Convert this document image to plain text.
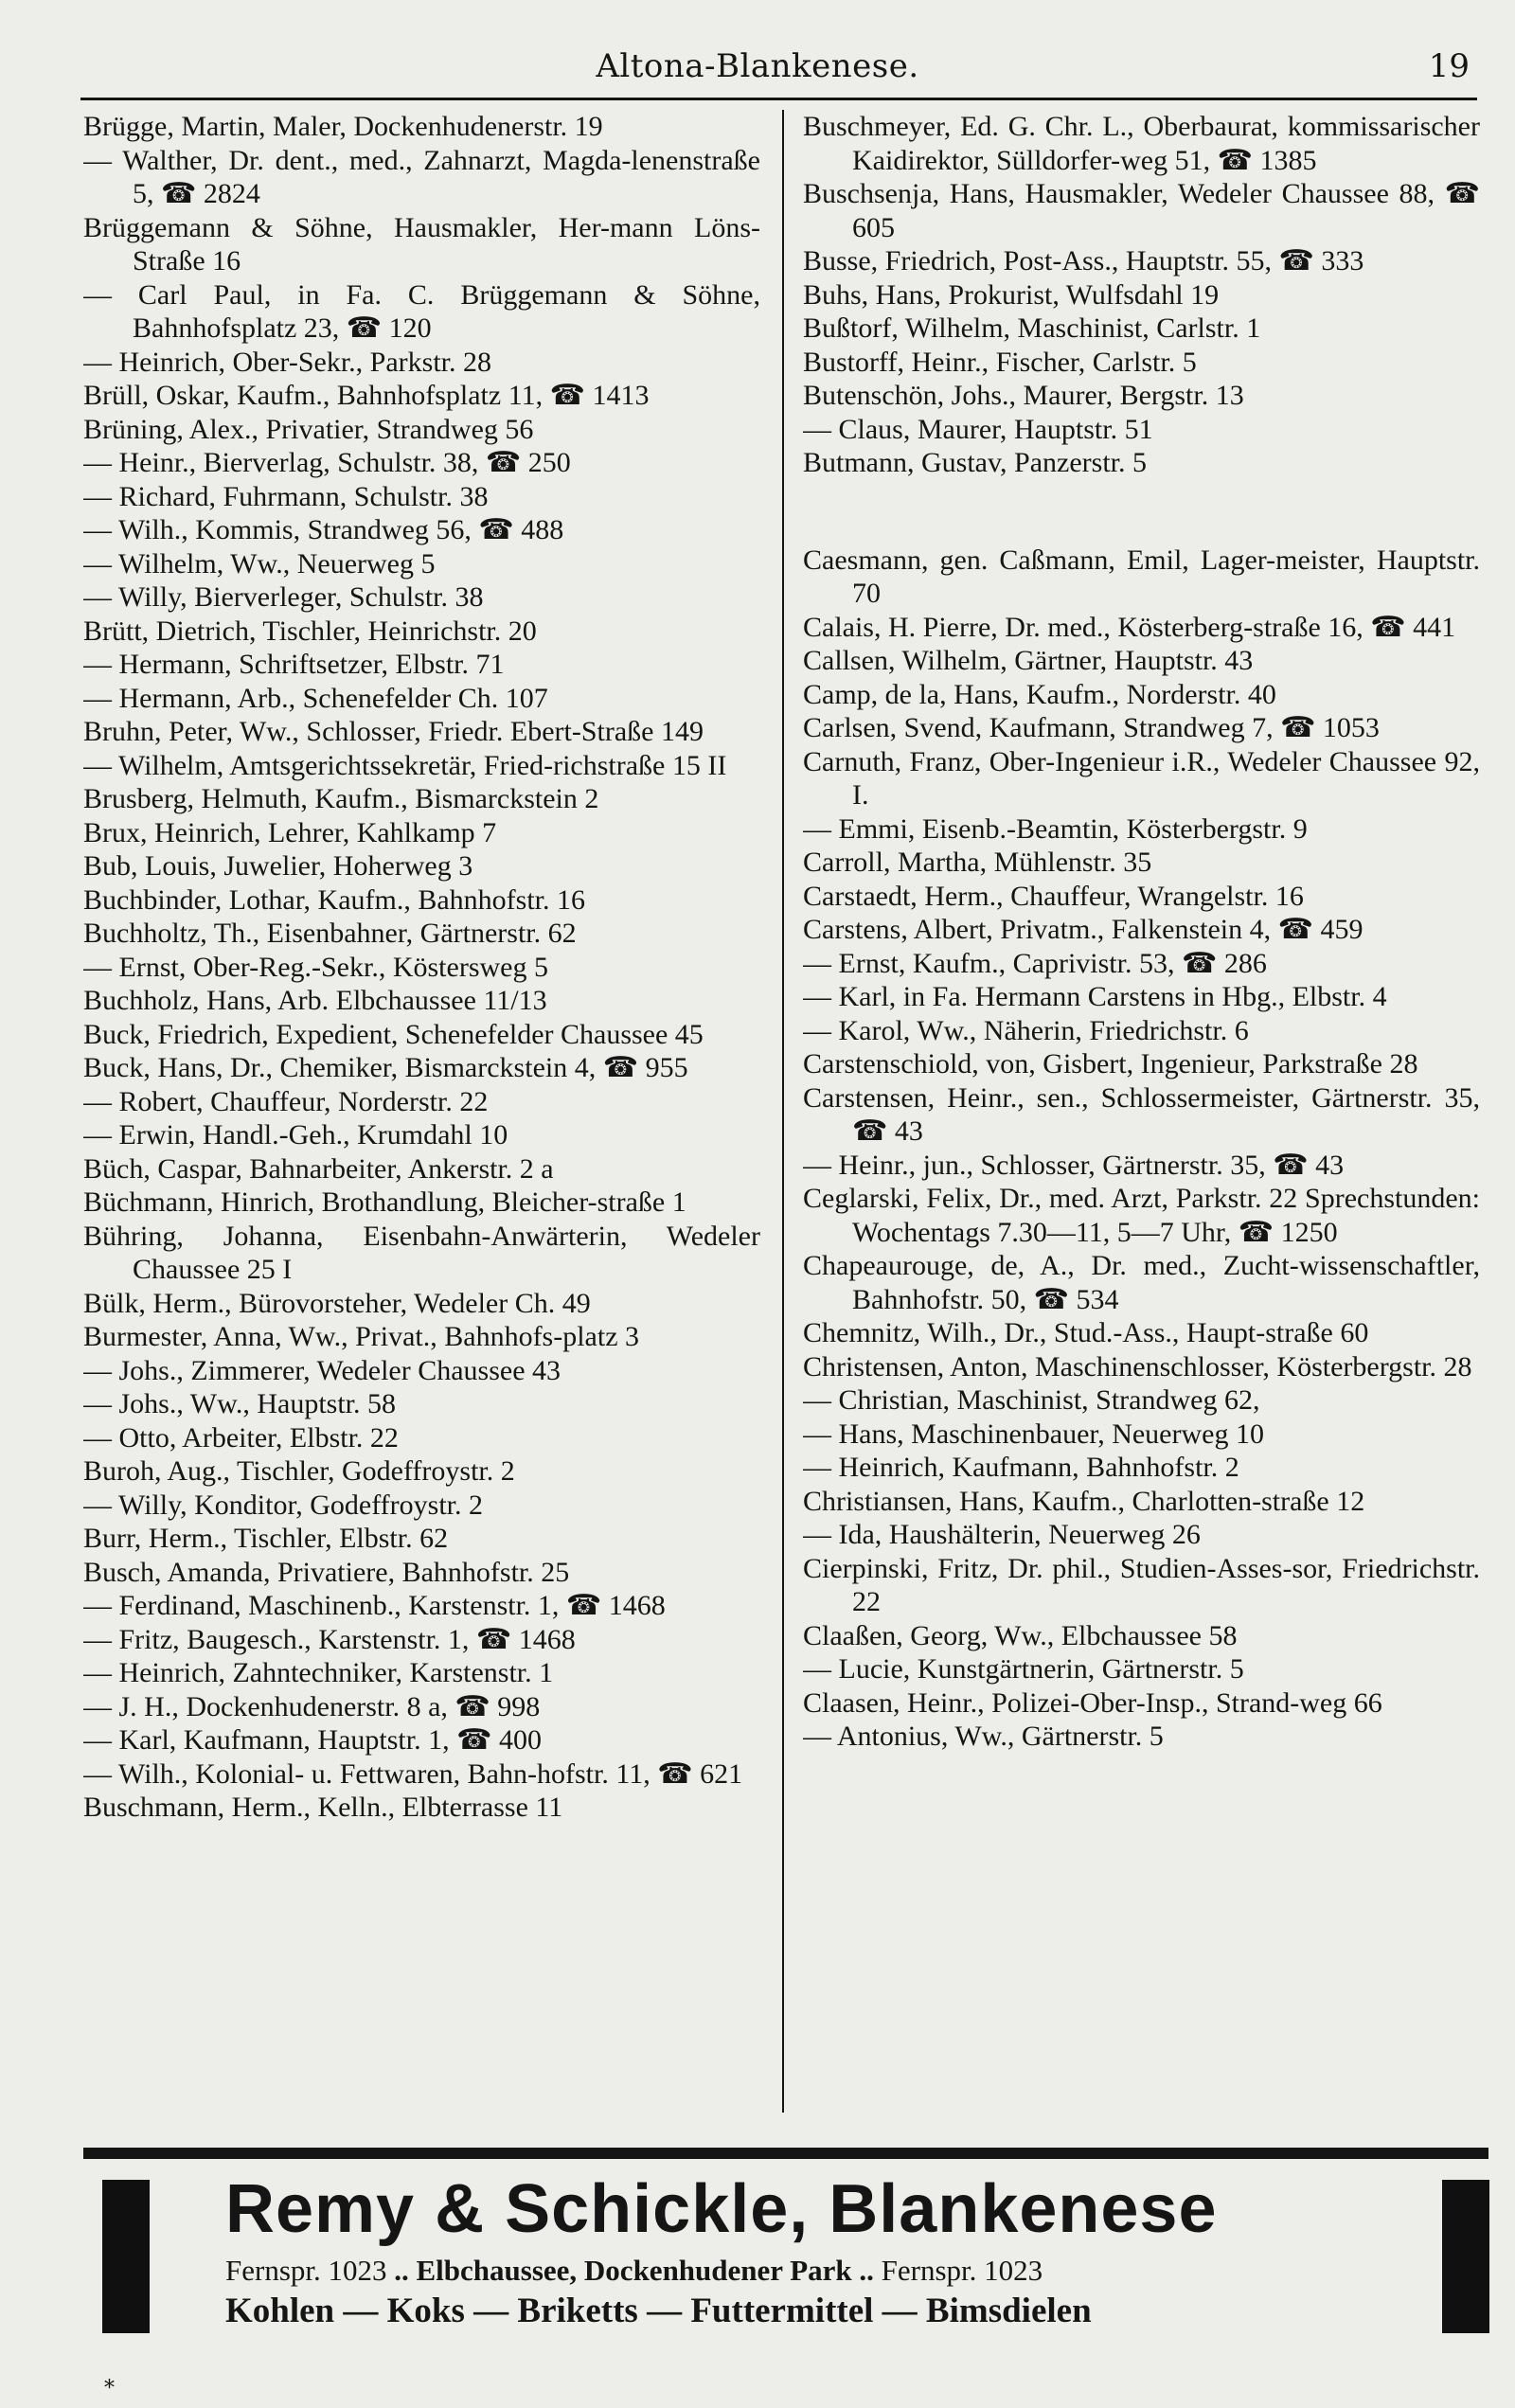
Altona-Blankenese.	19

Brügge, Martin, Maler, Dockenhudenerstr. 19

— Walther, Dr. dent., med., Zahnarzt, Magda-lenenstraße 5, ☎ 2824

Brüggemann & Söhne, Hausmakler, Her-mann Löns-Straße 16

— Carl Paul, in Fa. C. Brüggemann & Söhne, Bahnhofsplatz 23, ☎ 120

— Heinrich, Ober-Sekr., Parkstr. 28

Brüll, Oskar, Kaufm., Bahnhofsplatz 11, ☎ 1413

Brüning, Alex., Privatier, Strandweg 56

— Heinr., Bierverlag, Schulstr. 38, ☎ 250

— Richard, Fuhrmann, Schulstr. 38

— Wilh., Kommis, Strandweg 56, ☎ 488

— Wilhelm, Ww., Neuerweg 5

— Willy, Bierverleger, Schulstr. 38

Brütt, Dietrich, Tischler, Heinrichstr. 20

— Hermann, Schriftsetzer, Elbstr. 71

— Hermann, Arb., Schenefelder Ch. 107

Bruhn, Peter, Ww., Schlosser, Friedr. Ebert-Straße 149

— Wilhelm, Amtsgerichtssekretär, Fried-richstraße 15 II

Brusberg, Helmuth, Kaufm., Bismarckstein 2

Brux, Heinrich, Lehrer, Kahlkamp 7

Bub, Louis, Juwelier, Hoherweg 3

Buchbinder, Lothar, Kaufm., Bahnhofstr. 16

Buchholtz, Th., Eisenbahner, Gärtnerstr. 62

— Ernst, Ober-Reg.-Sekr., Köstersweg 5

Buchholz, Hans, Arb. Elbchaussee 11/13

Buck, Friedrich, Expedient, Schenefelder Chaussee 45

Buck, Hans, Dr., Chemiker, Bismarckstein 4, ☎ 955

— Robert, Chauffeur, Norderstr. 22

— Erwin, Handl.-Geh., Krumdahl 10

Büch, Caspar, Bahnarbeiter, Ankerstr. 2 a

Büchmann, Hinrich, Brothandlung, Bleicher-straße 1

Bühring, Johanna, Eisenbahn-Anwärterin, Wedeler Chaussee 25 I

Bülk, Herm., Bürovorsteher, Wedeler Ch. 49

Burmester, Anna, Ww., Privat., Bahnhofs-platz 3

— Johs., Zimmerer, Wedeler Chaussee 43

— Johs., Ww., Hauptstr. 58

— Otto, Arbeiter, Elbstr. 22

Buroh, Aug., Tischler, Godeffroystr. 2

— Willy, Konditor, Godeffroystr. 2

Burr, Herm., Tischler, Elbstr. 62

Busch, Amanda, Privatiere, Bahnhofstr. 25

— Ferdinand, Maschinenb., Karstenstr. 1, ☎ 1468

— Fritz, Baugesch., Karstenstr. 1, ☎ 1468

— Heinrich, Zahntechniker, Karstenstr. 1

— J. H., Dockenhudenerstr. 8 a, ☎ 998

— Karl, Kaufmann, Hauptstr. 1, ☎ 400

— Wilh., Kolonial- u. Fettwaren, Bahn-hofstr. 11, ☎ 621

Buschmann, Herm., Kelln., Elbterrasse 11

Buschmeyer, Ed. G. Chr. L., Oberbaurat, kommissarischer Kaidirektor, Sülldorfer-weg 51, ☎ 1385

Buschsenja, Hans, Hausmakler, Wedeler Chaussee 88, ☎ 605

Busse, Friedrich, Post-Ass., Hauptstr. 55, ☎ 333

Buhs, Hans, Prokurist, Wulfsdahl 19

Bußtorf, Wilhelm, Maschinist, Carlstr. 1

Bustorff, Heinr., Fischer, Carlstr. 5

Butenschön, Johs., Maurer, Bergstr. 13

— Claus, Maurer, Hauptstr. 51

Butmann, Gustav, Panzerstr. 5

Caesmann, gen. Caßmann, Emil, Lager-meister, Hauptstr. 70

Calais, H. Pierre, Dr. med., Kösterberg-straße 16, ☎ 441

Callsen, Wilhelm, Gärtner, Hauptstr. 43

Camp, de la, Hans, Kaufm., Norderstr. 40

Carlsen, Svend, Kaufmann, Strandweg 7, ☎ 1053

Carnuth, Franz, Ober-Ingenieur i.R., Wedeler Chaussee 92, I.

— Emmi, Eisenb.-Beamtin, Kösterbergstr. 9

Carroll, Martha, Mühlenstr. 35

Carstaedt, Herm., Chauffeur, Wrangelstr. 16

Carstens, Albert, Privatm., Falkenstein 4, ☎ 459

— Ernst, Kaufm., Caprivistr. 53, ☎ 286

— Karl, in Fa. Hermann Carstens in Hbg., Elbstr. 4

— Karol, Ww., Näherin, Friedrichstr. 6

Carstenschiold, von, Gisbert, Ingenieur, Parkstraße 28

Carstensen, Heinr., sen., Schlossermeister, Gärtnerstr. 35, ☎ 43

— Heinr., jun., Schlosser, Gärtnerstr. 35, ☎ 43

Ceglarski, Felix, Dr., med. Arzt, Parkstr. 22 Sprechstunden: Wochentags 7.30—11, 5—7 Uhr, ☎ 1250

Chapeaurouge, de, A., Dr. med., Zucht-wissenschaftler, Bahnhofstr. 50, ☎ 534

Chemnitz, Wilh., Dr., Stud.-Ass., Haupt-straße 60

Christensen, Anton, Maschinenschlosser, Kösterbergstr. 28

— Christian, Maschinist, Strandweg 62,

— Hans, Maschinenbauer, Neuerweg 10

— Heinrich, Kaufmann, Bahnhofstr. 2

Christiansen, Hans, Kaufm., Charlotten-straße 12

— Ida, Haushälterin, Neuerweg 26

Cierpinski, Fritz, Dr. phil., Studien-Asses-sor, Friedrichstr. 22

Claaßen, Georg, Ww., Elbchaussee 58

— Lucie, Kunstgärtnerin, Gärtnerstr. 5

Claasen, Heinr., Polizei-Ober-Insp., Strand-weg 66

— Antonius, Ww., Gärtnerstr. 5

Remy & Schickle, Blankenese
Fernspr. 1023 .. Elbchaussee, Dockenhudener Park .. Fernspr. 1023
Kohlen — Koks — Briketts — Futtermittel — Bimsdielen
*
